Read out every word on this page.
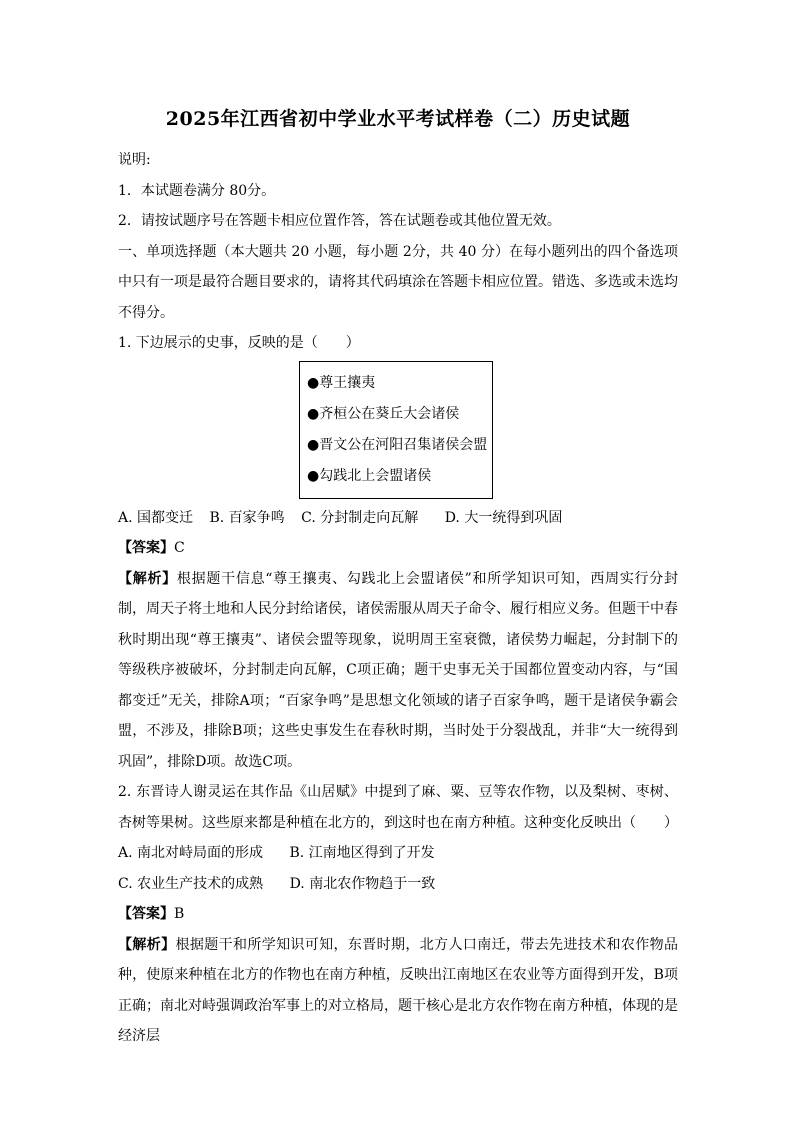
2025年江西省初中学业水平考试样卷（二）历史试题
说明:
1．本试题卷满分 80分。
2．请按试题序号在答题卡相应位置作答，答在试题卷或其他位置无效。
一、单项选择题（本大题共 20 小题，每小题 2分，共 40 分）在每小题列出的四个备选项中只有一项是最符合题目要求的，请将其代码填涂在答题卡相应位置。错选、多选或未选均不得分。
1. 下边展示的史事，反映的是（　　）
●尊王攘夷
●齐桓公在葵丘大会诸侯
●晋文公在河阳召集诸侯会盟
●勾践北上会盟诸侯
A. 国都变迁 B. 百家争鸣 C. 分封制走向瓦解 D. 大一统得到巩固
【答案】C
【解析】根据题干信息“尊王攘夷、勾践北上会盟诸侯”和所学知识可知，西周实行分封制，周天子将土地和人民分封给诸侯，诸侯需服从周天子命令、履行相应义务。但题干中春秋时期出现“尊王攘夷”、诸侯会盟等现象，说明周王室衰微，诸侯势力崛起，分封制下的等级秩序被破坏，分封制走向瓦解，C项正确；题干史事无关于国都位置变动内容，与“国都变迁”无关，排除A项；“百家争鸣”是思想文化领域的诸子百家争鸣，题干是诸侯争霸会盟，不涉及，排除B项；这些史事发生在春秋时期，当时处于分裂战乱，并非“大一统得到巩固”，排除D项。故选C项。
2. 东晋诗人谢灵运在其作品《山居赋》中提到了麻、粟、豆等农作物，以及梨树、枣树、杏树等果树。这些原来都是种植在北方的，到这时也在南方种植。这种变化反映出（　　）
A. 南北对峙局面的形成 B. 江南地区得到了开发
C. 农业生产技术的成熟 D. 南北农作物趋于一致
【答案】B
【解析】根据题干和所学知识可知，东晋时期，北方人口南迁，带去先进技术和农作物品种，使原来种植在北方的作物也在南方种植，反映出江南地区在农业等方面得到开发，B项正确；南北对峙强调政治军事上的对立格局，题干核心是北方农作物在南方种植，体现的是经济层
